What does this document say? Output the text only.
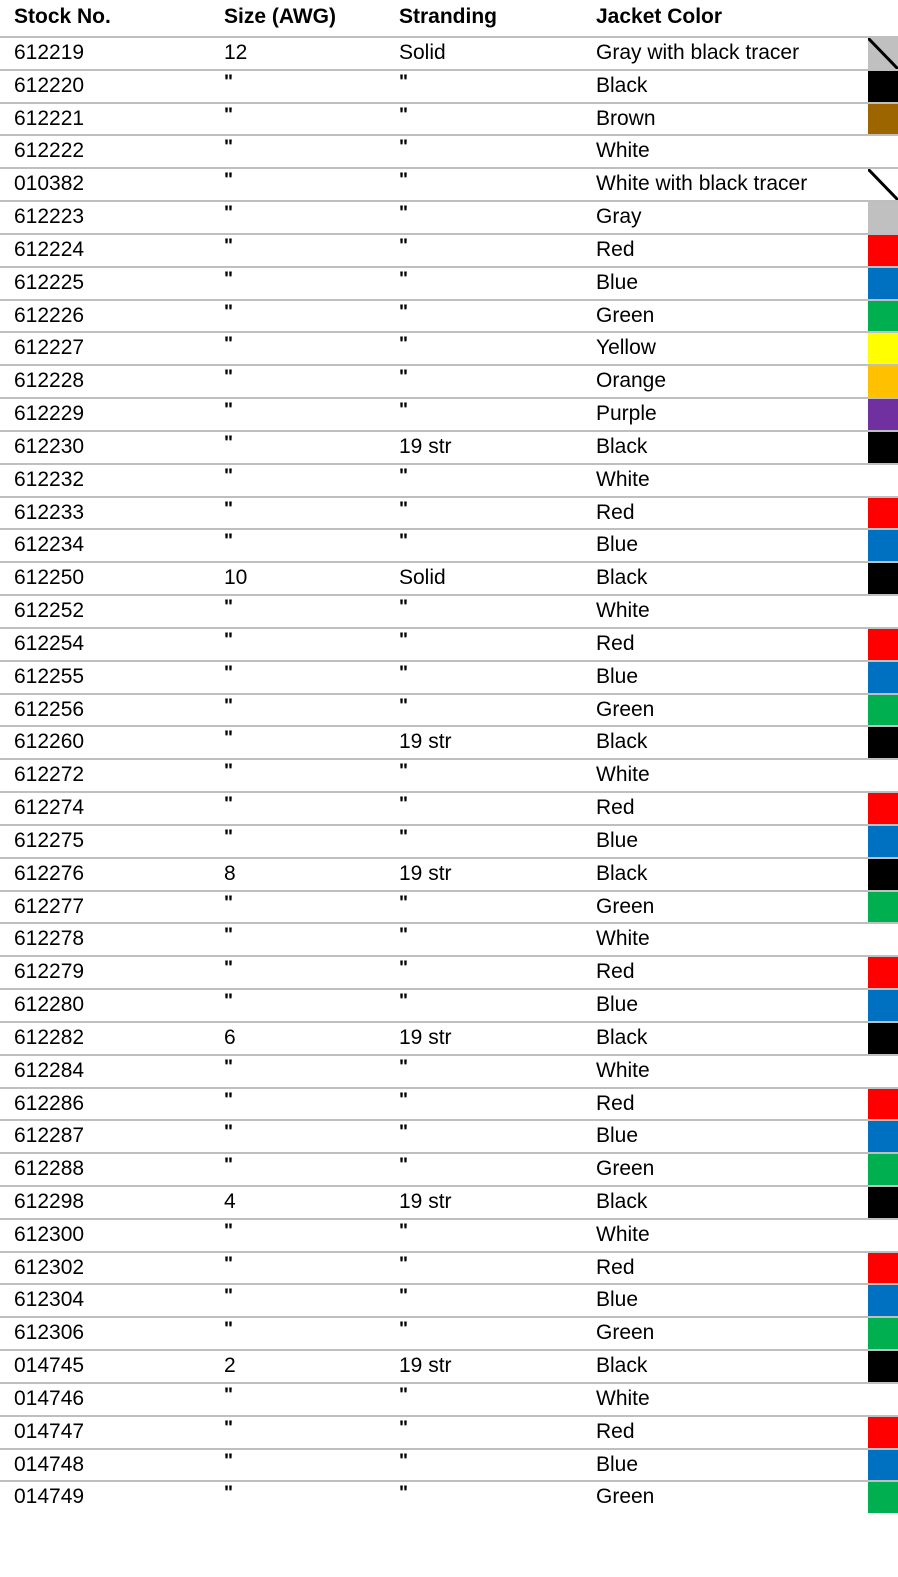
Stock No.	Size (AWG)	Stranding	Jacket Color
612219	12	Solid	Gray with black tracer
612220	"	"	Black
612221	"	"	Brown
612222	"	"	White
010382	"	"	White with black tracer
612223	"	"	Gray
612224	"	"	Red
612225	"	"	Blue
612226	"	"	Green
612227	"	"	Yellow
612228	"	"	Orange
612229	"	"	Purple
612230	"	19 str	Black
612232	"	"	White
612233	"	"	Red
612234	"	"	Blue
612250	10	Solid	Black
612252	"	"	White
612254	"	"	Red
612255	"	"	Blue
612256	"	"	Green
612260	"	19 str	Black
612272	"	"	White
612274	"	"	Red
612275	"	"	Blue
612276	8	19 str	Black
612277	"	"	Green
612278	"	"	White
612279	"	"	Red
612280	"	"	Blue
612282	6	19 str	Black
612284	"	"	White
612286	"	"	Red
612287	"	"	Blue
612288	"	"	Green
612298	4	19 str	Black
612300	"	"	White
612302	"	"	Red
612304	"	"	Blue
612306	"	"	Green
014745	2	19 str	Black
014746	"	"	White
014747	"	"	Red
014748	"	"	Blue
014749	"	"	Green
